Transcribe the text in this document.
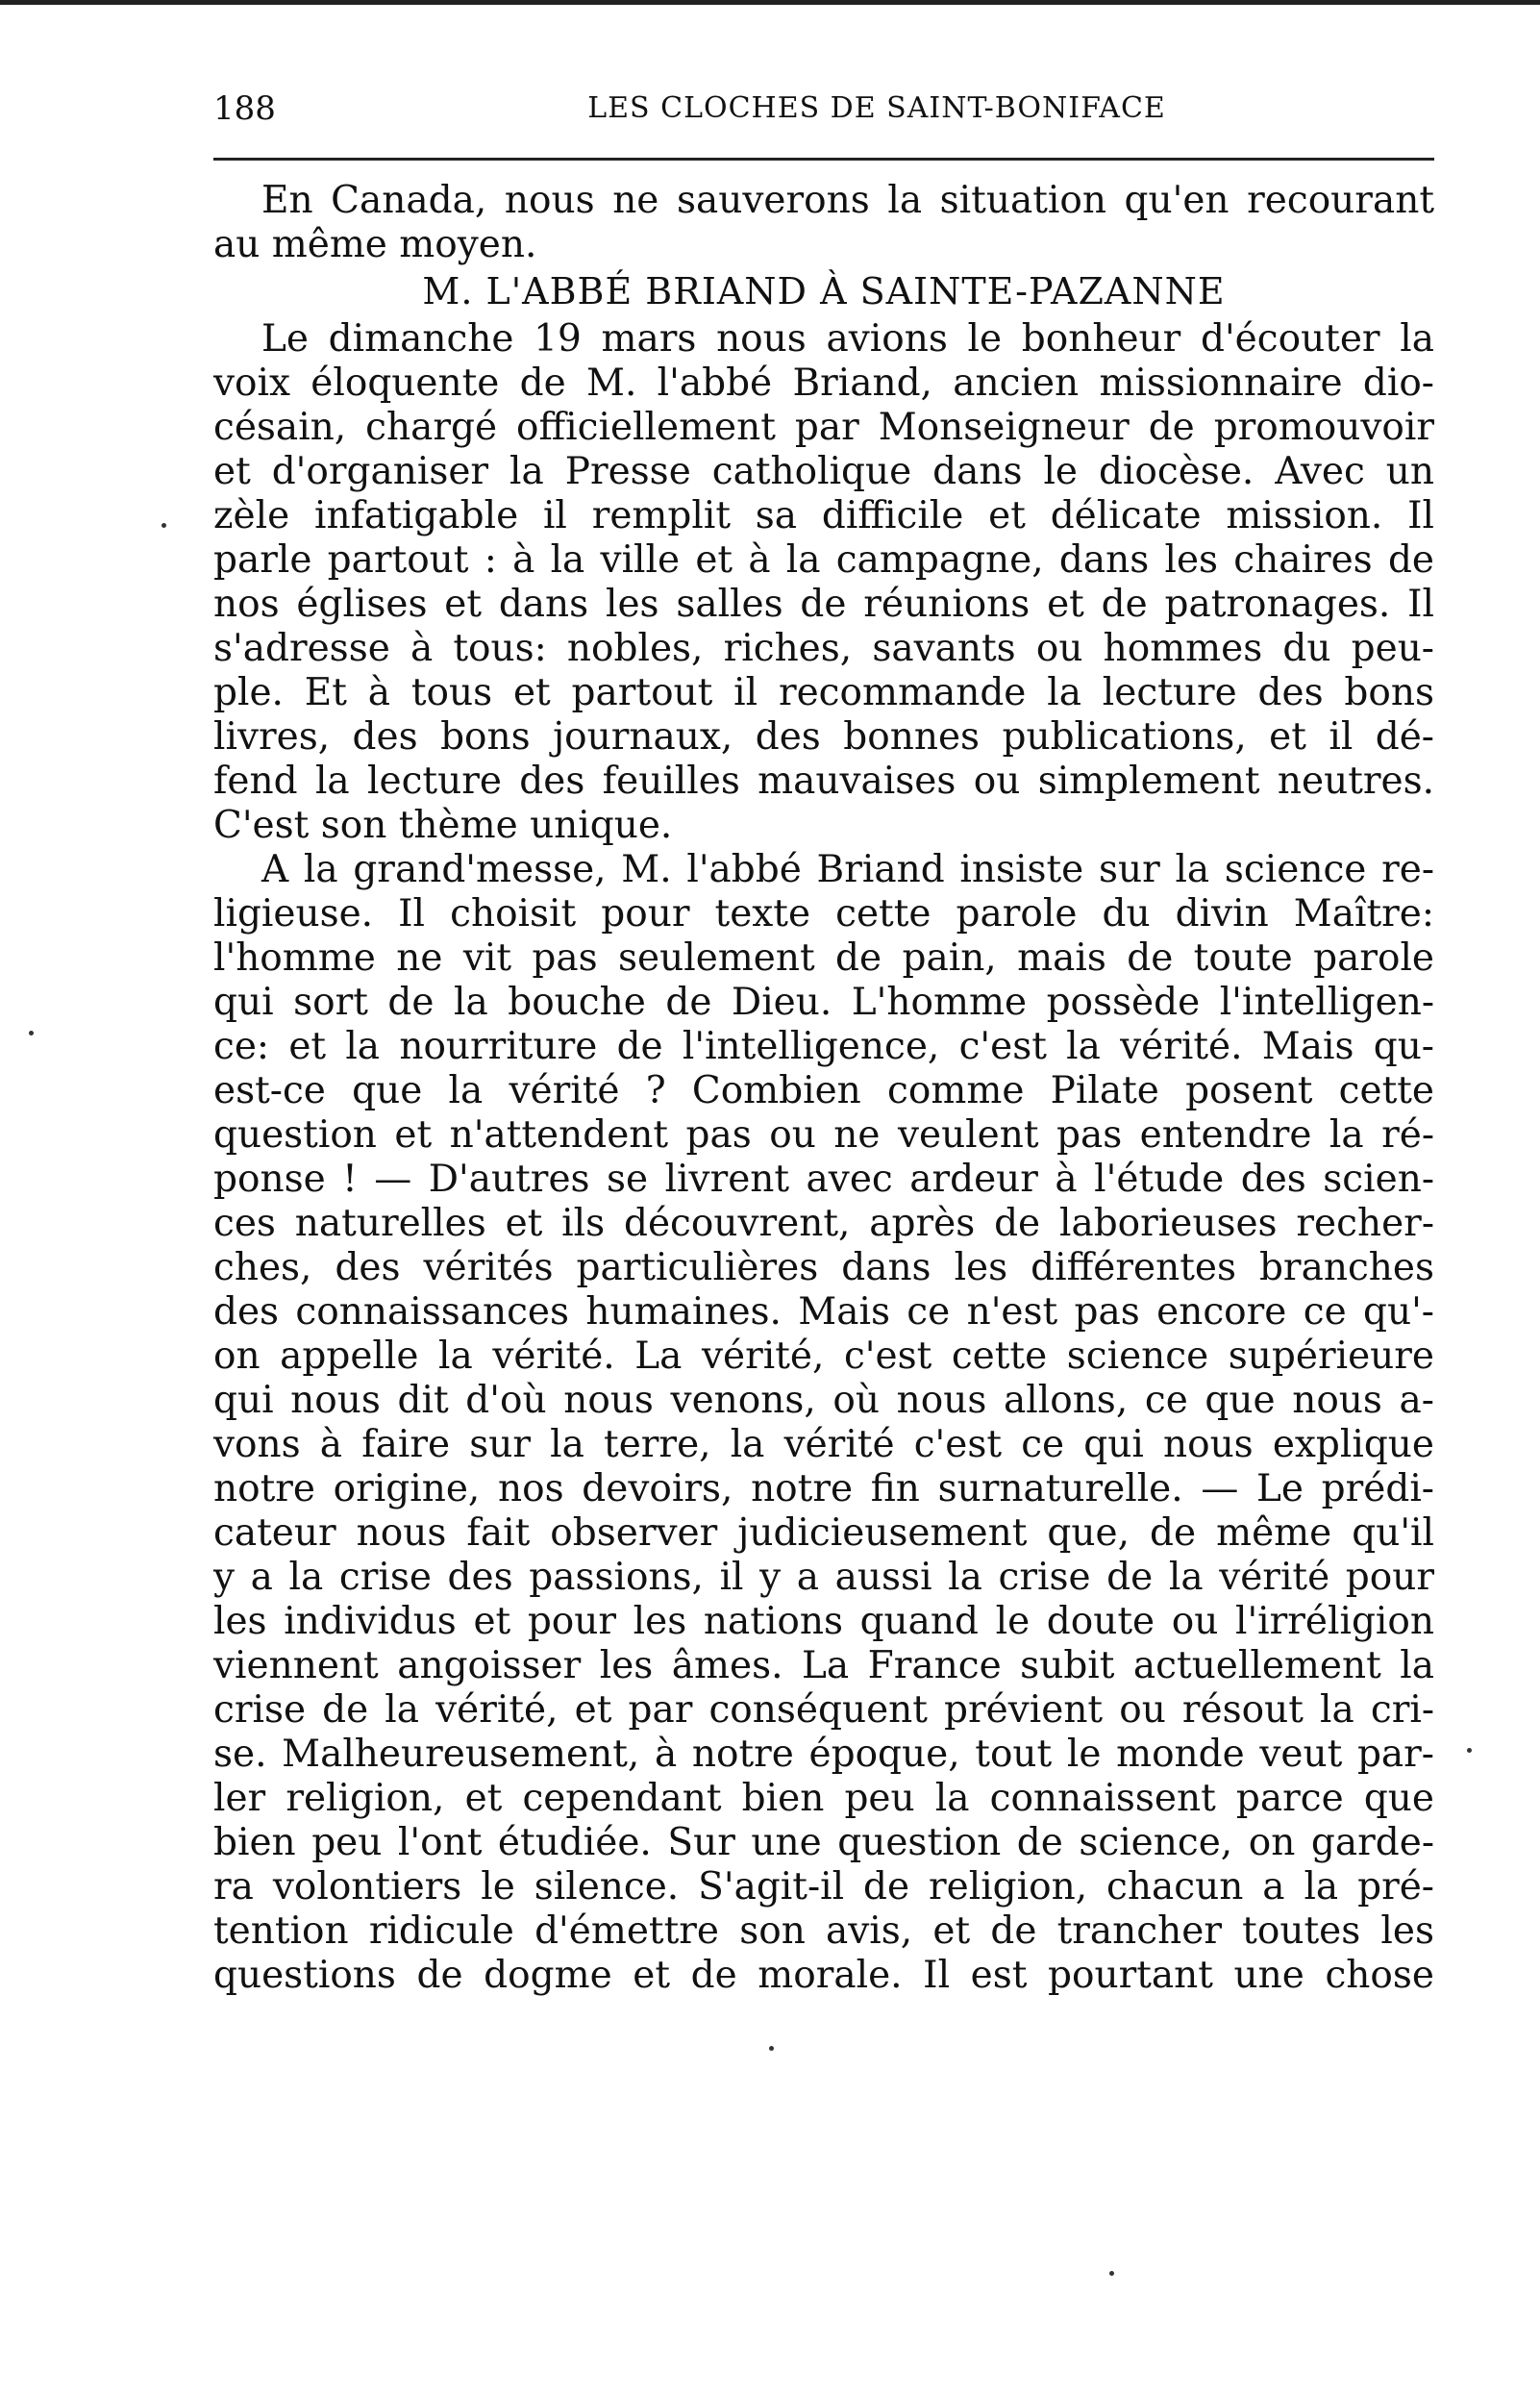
188	LES CLOCHES DE SAINT-BONIFACE
En Canada, nous ne sauverons la situation qu'en recourant
au même moyen.
M. L'ABBÉ BRIAND À SAINTE-PAZANNE
Le dimanche 19 mars nous avions le bonheur d'écouter la
voix éloquente de M. l'abbé Briand, ancien missionnaire dio-
césain, chargé officiellement par Monseigneur de promouvoir
et d'organiser la Presse catholique dans le diocèse. Avec un
zèle infatigable il remplit sa difficile et délicate mission. Il
parle partout : à la ville et à la campagne, dans les chaires de
nos églises et dans les salles de réunions et de patronages. Il
s'adresse à tous: nobles, riches, savants ou hommes du peu-
ple. Et à tous et partout il recommande la lecture des bons
livres, des bons journaux, des bonnes publications, et il dé-
fend la lecture des feuilles mauvaises ou simplement neutres.
C'est son thème unique.
A la grand'messe, M. l'abbé Briand insiste sur la science re-
ligieuse. Il choisit pour texte cette parole du divin Maître:
l'homme ne vit pas seulement de pain, mais de toute parole
qui sort de la bouche de Dieu. L'homme possède l'intelligen-
ce: et la nourriture de l'intelligence, c'est la vérité. Mais qu-
est-ce que la vérité ? Combien comme Pilate posent cette
question et n'attendent pas ou ne veulent pas entendre la ré-
ponse ! — D'autres se livrent avec ardeur à l'étude des scien-
ces naturelles et ils découvrent, après de laborieuses recher-
ches, des vérités particulières dans les différentes branches
des connaissances humaines. Mais ce n'est pas encore ce qu'-
on appelle la vérité. La vérité, c'est cette science supérieure
qui nous dit d'où nous venons, où nous allons, ce que nous a-
vons à faire sur la terre, la vérité c'est ce qui nous explique
notre origine, nos devoirs, notre fin surnaturelle. — Le prédi-
cateur nous fait observer judicieusement que, de même qu'il
y a la crise des passions, il y a aussi la crise de la vérité pour
les individus et pour les nations quand le doute ou l'irréligion
viennent angoisser les âmes. La France subit actuellement la
crise de la vérité, et par conséquent prévient ou résout la cri-
se. Malheureusement, à notre époque, tout le monde veut par-
ler religion, et cependant bien peu la connaissent parce que
bien peu l'ont étudiée. Sur une question de science, on garde-
ra volontiers le silence. S'agit-il de religion, chacun a la pré-
tention ridicule d'émettre son avis, et de trancher toutes les
questions de dogme et de morale. Il est pourtant une chose
